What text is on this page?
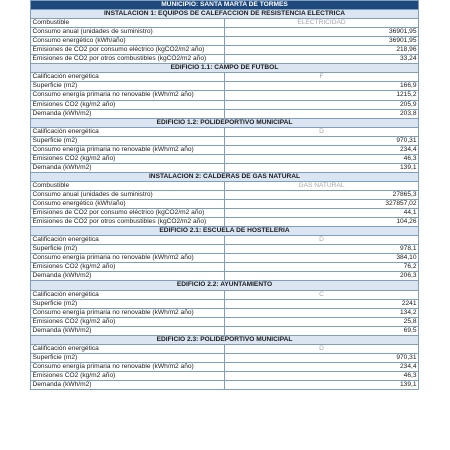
MUNICIPIO: SANTA MARTA DE TORMES	
INSTALACIÓN 1: EQUIPOS DE CALEFACCIÓN DE RESISTENCIA ELÉCTRICA	
Combustible	ELECTRICIDAD
Consumo anual (unidades de suministro)	36901,95
Consumo energético (kWh/año)	36901,95
Emisiones de CO2 por consumo eléctrico (kgCO2/m2 año)	218,96
Emisiones de CO2 por otros combustibles (kgCO2/m2 año)	33,24
EDIFICIO 1.1: CAMPO DE FÚTBOL	
Calificación energética	F
Superficie (m2)	166,9
Consumo energía primaria no renovable (kWh/m2 año)	1215,2
Emisiones CO2 (kg/m2 año)	205,9
Demanda (kWh/m2)	203,8
EDIFICIO 1.2: POLIDEPORTIVO MUNICIPAL	
Calificación energética	D
Superficie (m2)	970,31
Consumo energía primaria no renovable (kWh/m2 año)	234,4
Emisiones CO2 (kg/m2 año)	46,3
Demanda (kWh/m2)	139,1
INSTALACIÓN 2: CALDERAS DE GAS NATURAL	
Combustible	GAS NATURAL
Consumo anual (unidades de suministro)	27865,3
Consumo energético (kWh/año)	327857,02
Emisiones de CO2 por consumo eléctrico (kgCO2/m2 año)	44,1
Emisiones de CO2 por otros combustibles (kgCO2/m2 año)	104,26
EDIFICIO 2.1: ESCUELA DE HOSTELERIA	
Calificación energética	D
Superficie (m2)	978,1
Consumo energía primaria no renovable (kWh/m2 año)	384,10
Emisiones CO2 (kg/m2 año)	76,2
Demanda (kWh/m2)	206,3
EDIFICIO 2.2: AYUNTAMIENTO	
Calificación energética	C
Superficie (m2)	2241
Consumo energía primaria no renovable (kWh/m2 año)	134,2
Emisiones CO2 (kg/m2 año)	25,8
Demanda (kWh/m2)	69,5
EDIFICIO 2.3: POLIDEPORTIVO MUNICIPAL	
Calificación energética	D
Superficie (m2)	970,31
Consumo energía primaria no renovable (kWh/m2 año)	234,4
Emisiones CO2 (kg/m2 año)	46,3
Demanda (kWh/m2)	139,1
